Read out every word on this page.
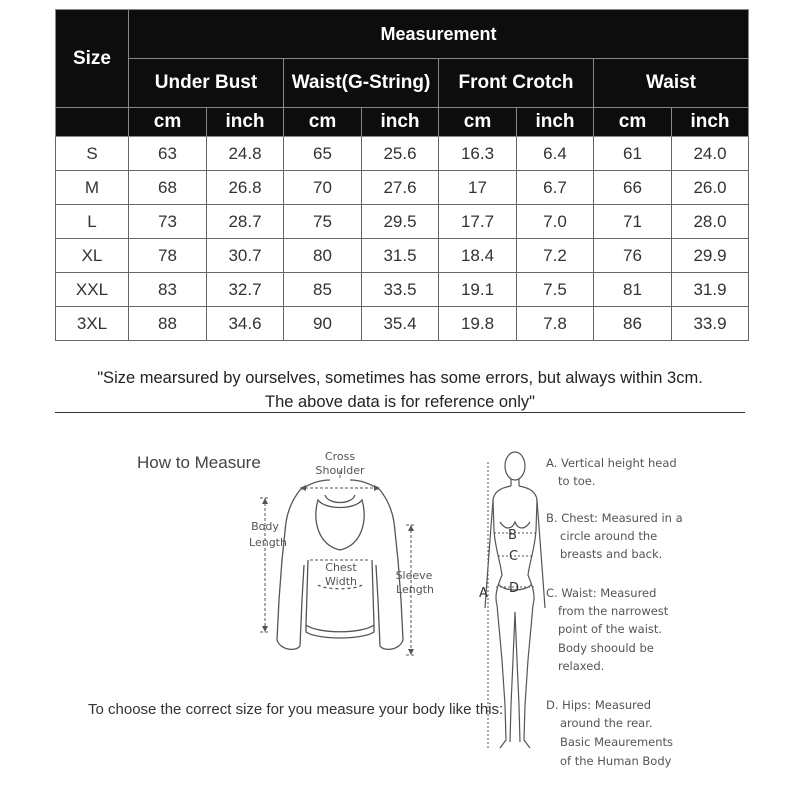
Size	Measurement							
	Under Bust		Waist(G-String)		Front Crotch		Waist	
	cm	inch	cm	inch	cm	inch	cm	inch
S	63	24.8	65	25.6	16.3	6.4	61	24.0
M	68	26.8	70	27.6	17	6.7	66	26.0
L	73	28.7	75	29.5	17.7	7.0	71	28.0
XL	78	30.7	80	31.5	18.4	7.2	76	29.9
XXL	83	32.7	85	33.5	19.1	7.5	81	31.9
3XL	88	34.6	90	35.4	19.8	7.8	86	33.9
"Size mearsured by ourselves, sometimes has some errors, but always within 3cm.
The above data is for reference only"
How to Measure
To choose the correct size for you measure your body like this:
Cross
Shoulder
Body
Length
Chest
Width	Sleeve
Length	A
B
C
D
A. Vertical height head
to toe.
B. Chest: Measured in a
circle around the
breasts and back.
C. Waist: Measured
from the narrowest
point of the waist.
Body shoould be
relaxed.
D. Hips: Measured
around the rear.
Basic Meaurements
of the Human Body
